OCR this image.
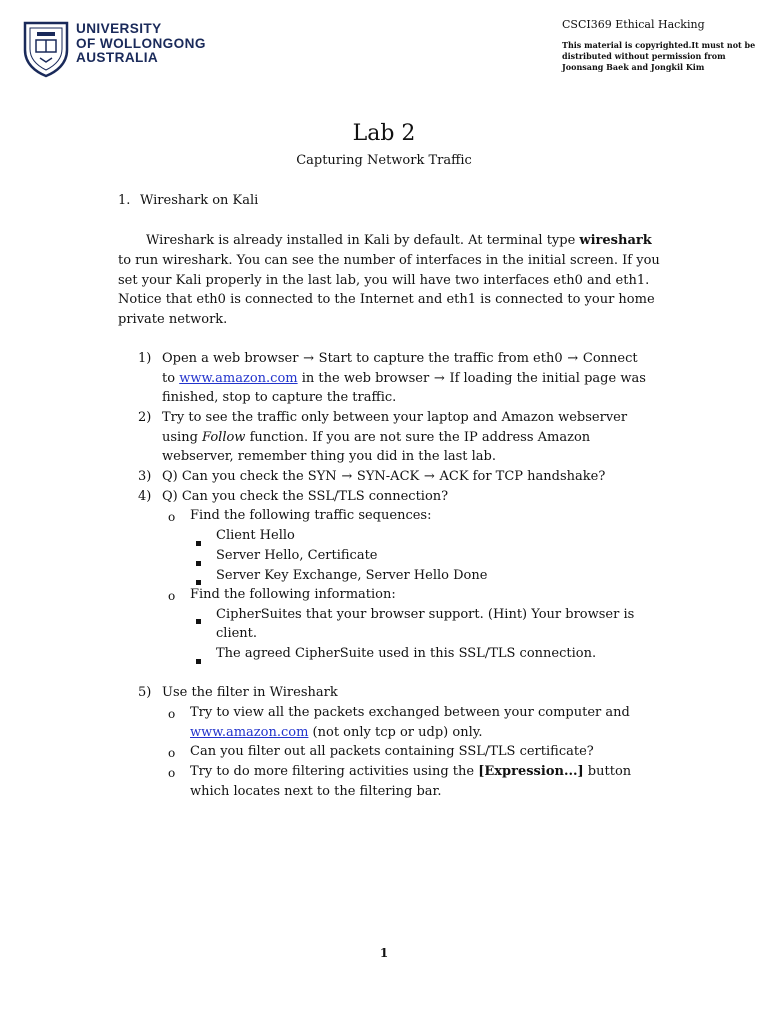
UNIVERSITY
OF WOLLONGONG
AUSTRALIA
CSCI369 Ethical Hacking
This material is copyrighted.It must not be
distributed without permission from
Joonsang Baek and Jongkil Kim
Lab 2
Capturing Network Traffic
1. Wireshark on Kali
Wireshark is already installed in Kali by default. At terminal type wireshark
to run wireshark. You can see the number of interfaces in the initial screen. If you
set your Kali properly in the last lab, you will have two interfaces eth0 and eth1.
Notice that eth0 is connected to the Internet and eth1 is connected to your home
private network.
1) Open a web browser → Start to capture the traffic from eth0 → Connect
to www.amazon.com in the web browser → If loading the initial page was
finished, stop to capture the traffic.
2) Try to see the traffic only between your laptop and Amazon webserver
using Follow function. If you are not sure the IP address Amazon
webserver, remember thing you did in the last lab.
3) Q) Can you check the SYN → SYN-ACK → ACK for TCP handshake?
4) Q) Can you check the SSL/TLS connection?
o Find the following traffic sequences:
Client Hello
Server Hello, Certificate
Server Key Exchange, Server Hello Done
o Find the following information:
CipherSuites that your browser support. (Hint) Your browser is
client.
The agreed CipherSuite used in this SSL/TLS connection.
5) Use the filter in Wireshark
o Try to view all the packets exchanged between your computer and
www.amazon.com (not only tcp or udp) only.
o Can you filter out all packets containing SSL/TLS certificate?
o Try to do more filtering activities using the [Expression...] button
which locates next to the filtering bar.
1
